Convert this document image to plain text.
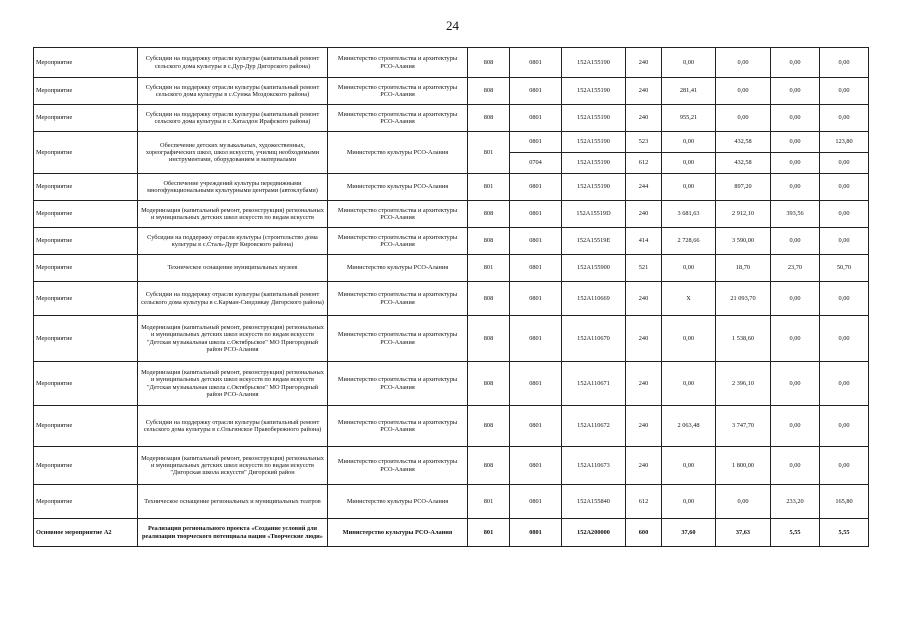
24
Мероприятие	Субсидии на поддержку отрасли культуры (капитальный ремонт сельского дома культуры в с.Дур-Дур Дигорского района)	Министерство строительства и архитектуры РСО-Алания	808	0801	152А155190	240	0,00	0,00	0,00	0,00
Мероприятие	Субсидии на поддержку отрасли культуры (капитальный ремонт сельского дома культуры в с.Сунжа Моздокского района)	Министерство строительства и архитектуры РСО-Алания	808	0801	152А155190	240	281,41	0,00	0,00	0,00
Мероприятие	Субсидии на поддержку отрасли культуры (капитальный ремонт сельского дома культуры в с.Хаталдон Ирафского района)	Министерство строительства и архитектуры РСО-Алания	808	0801	152А155190	240	955,21	0,00	0,00	0,00
Мероприятие	Обеспечение детских музыкальных, художественных, хореографических школ, школ искусств, училищ необходимыми инструментами, оборудованием и материалами	Министерство культуры РСО-Алания	801	0801	152А155190	523	0,00	432,58	0,00	123,80
				0704	152А155190	612	0,00	432,58	0,00	0,00
Мероприятие	Обеспечение учреждений культуры передвижными многофункциональными культурными центрами (автоклубами)	Министерство культуры РСО-Алания	801	0801	152А155190	244	0,00	897,20	0,00	0,00
Мероприятие	Модернизация (капитальный ремонт, реконструкция) региональных и муниципальных детских школ искусств по видам искусств	Министерство строительства и архитектуры РСО-Алания	808	0801	152А15519D	240	3 681,63	2 912,10	393,56	0,00
Мероприятие	Субсидии на поддержку отрасли культуры (строительство дома культуры в с.Сталь-Дурт Кировского района)	Министерство строительства и архитектуры РСО-Алания	808	0801	152А15519Е	414	2 728,66	3 590,00	0,00	0,00
Мероприятие	Техническое оснащение муниципальных музеев	Министерство культуры РСО-Алания	801	0801	152А155900	521	0,00	18,70	23,70	50,70
Мероприятие	Субсидии на поддержку отрасли культуры (капитальный ремонт сельского дома культуры в с.Карман-Синдзикау Дигорского района)	Министерство строительства и архитектуры РСО-Алания	808	0801	152А110669	240	Х	21 093,70	0,00	0,00
Мероприятие	Модернизация (капитальный ремонт, реконструкция) региональных и муниципальных детских школ искусств по видам искусств "Детская музыкальная школа с.Октябрьское" МО Пригородный район РСО-Алания	Министерство строительства и архитектуры РСО-Алания	808	0801	152А110670	240	0,00	1 538,60	0,00	0,00
Мероприятие	Модернизация (капитальный ремонт, реконструкция) региональных и муниципальных детских школ искусств по видам искусств "Детская музыкальная школа с.Октябрьское" МО Пригородный район РСО-Алания	Министерство строительства и архитектуры РСО-Алания	808	0801	152А110671	240	0,00	2 396,10	0,00	0,00
Мероприятие	Субсидии на поддержку отрасли культуры (капитальный ремонт сельского дома культуры в с.Ольгинское Правобережного района)	Министерство строительства и архитектуры РСО-Алания	808	0801	152А110672	240	2 063,48	3 747,70	0,00	0,00
Мероприятие	Модернизация (капитальный ремонт, реконструкция) региональных и муниципальных детских школ искусств по видам искусств "Дигорская школа искусств" Дигорский район	Министерство строительства и архитектуры РСО-Алания	808	0801	152А110673	240	0,00	1 800,00	0,00	0,00
Мероприятие	Техническое оснащение региональных и муниципальных театров	Министерство культуры РСО-Алания	801	0801	152А155840	612	0,00	0,00	233,20	165,80
Основное мероприятие А2	Реализация регионального проекта «Создание условий для реализации творческого потенциала нации «Творческие люди»	Министерство культуры РСО-Алания	801	0801	152А200000	600	37,60	37,63	5,55	5,55
